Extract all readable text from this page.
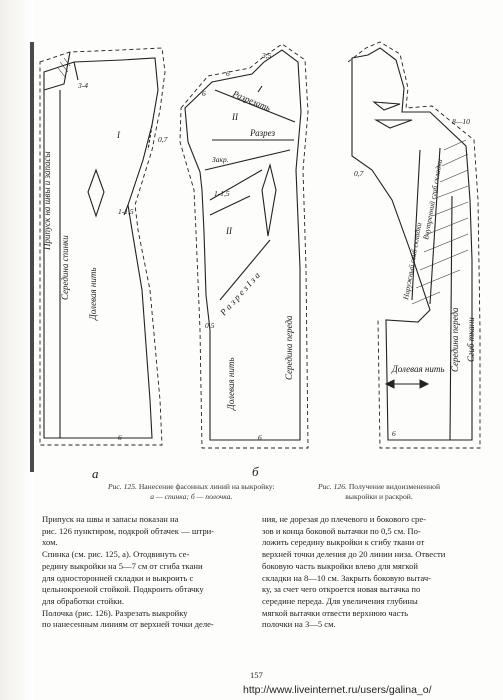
Припуск на швы и запасы
Середина спинки Долевая нить
I
3-4
0,7
1-1,5
6
a
Разрезать
Разрез
Закр.
II
II
3,5
6
6
1-1,5
Р а з р е з I з а
0,5
Долевая нить
Середина переда
6
б
8—10
0,7
Наружный сгиб складки
Внутренний сгиб складки
Середина переда Сгиб ткани
Долевая нить
6
Рис. 125. Нанесение фасонных линий на выкройку:
а — спинка; б — полочка.
Рис. 126. Получение видоизмененной
выкройки и раскрой.

Припуск на швы и запасы показан на

рис. 126 пунктиром, подкрой обтачек — штри-

хом.

Спинка (см. рис. 125, а). Отодвинуть се-

редину выкройки на 5—7 см от сгиба ткани

для односторонней складки и выкроить с

цельнокроеной стойкой. Подкроить обтачку

для обработки стойки.

Полочка (рис. 126). Разрезать выкройку

по нанесенным линиям от верхней точки деле-

ния, не дорезая до плечевого и бокового сре-

зов и конца боковой вытачки по 0,5 см. По-

ложить середину выкройки к сгибу ткани от

верхней точки деления до 20 линии низа. Отвести

боковую часть выкройки влево для мягкой

складки на 8—10 см. Закрыть боковую вытач-

ку, за счет чего откроется новая вытачка по

середине переда. Для увеличения глубины

мягкой вытачки отвести верхнюю часть

полочки на 3—5 см.

157
http://www.liveinternet.ru/users/galina_o/
